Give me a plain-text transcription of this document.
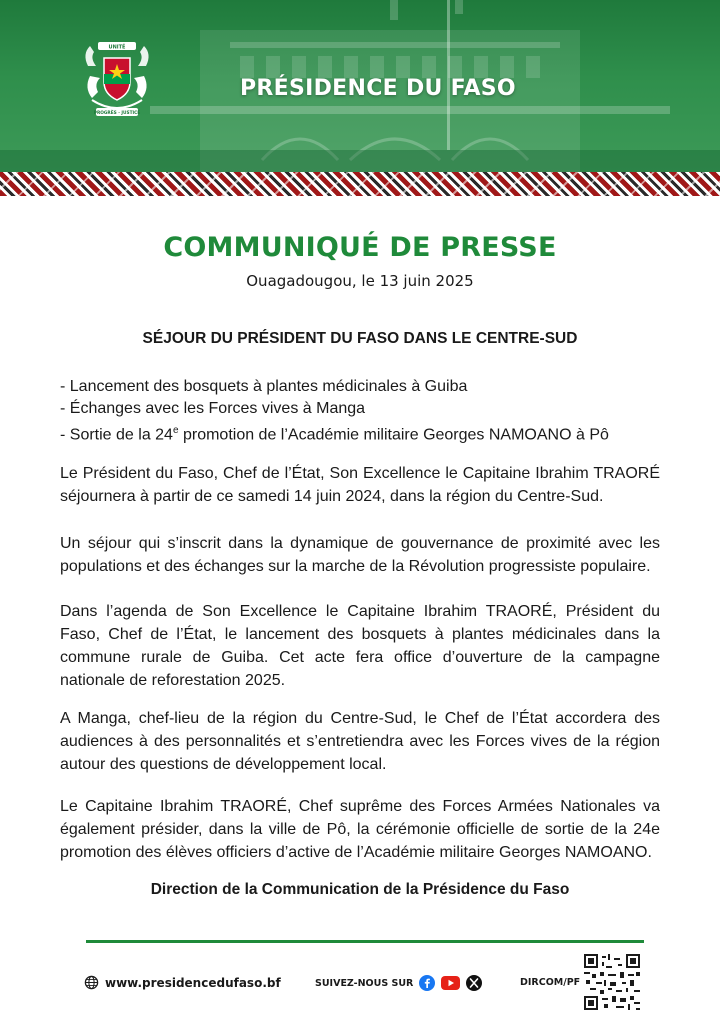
UNITÉ
PROGRÈS · JUSTICE
PRÉSIDENCE DU FASO
COMMUNIQUÉ DE PRESSE
Ouagadougou, le 13 juin 2025
SÉJOUR DU PRÉSIDENT DU FASO DANS LE CENTRE-SUD
- Lancement des bosquets à plantes médicinales à Guiba
- Échanges avec les Forces vives à Manga
- Sortie de la 24e promotion de l’Académie militaire Georges NAMOANO à Pô

Le Président du Faso, Chef de l’État, Son Excellence le Capitaine Ibrahim TRAORÉ séjournera à partir de ce samedi 14 juin 2024, dans la région du Centre-Sud.

Un séjour qui s’inscrit dans la dynamique de gouvernance de proximité avec les populations et des échanges sur la marche de la Révolution progressiste populaire.

Dans l’agenda de Son Excellence le Capitaine Ibrahim TRAORÉ, Président du Faso, Chef de l’État, le lancement des bosquets à plantes médicinales dans la commune rurale de Guiba. Cet acte fera office d’ouverture de la campagne nationale de reforestation 2025.

A Manga, chef-lieu de la région du Centre-Sud, le Chef de l’État accordera des audiences à des personnalités et s’entretiendra avec les Forces vives de la région autour des questions de développement local.

Le Capitaine Ibrahim TRAORÉ, Chef suprême des Forces Armées Nationales va également présider, dans la ville de Pô, la cérémonie officielle de sortie de la 24e promotion des élèves officiers d’active de l’Académie militaire Georges NAMOANO.

Direction de la Communication de la Présidence du Faso
www.presidencedufaso.bf	SUIVEZ-NOUS SUR	DIRCOM/PF
